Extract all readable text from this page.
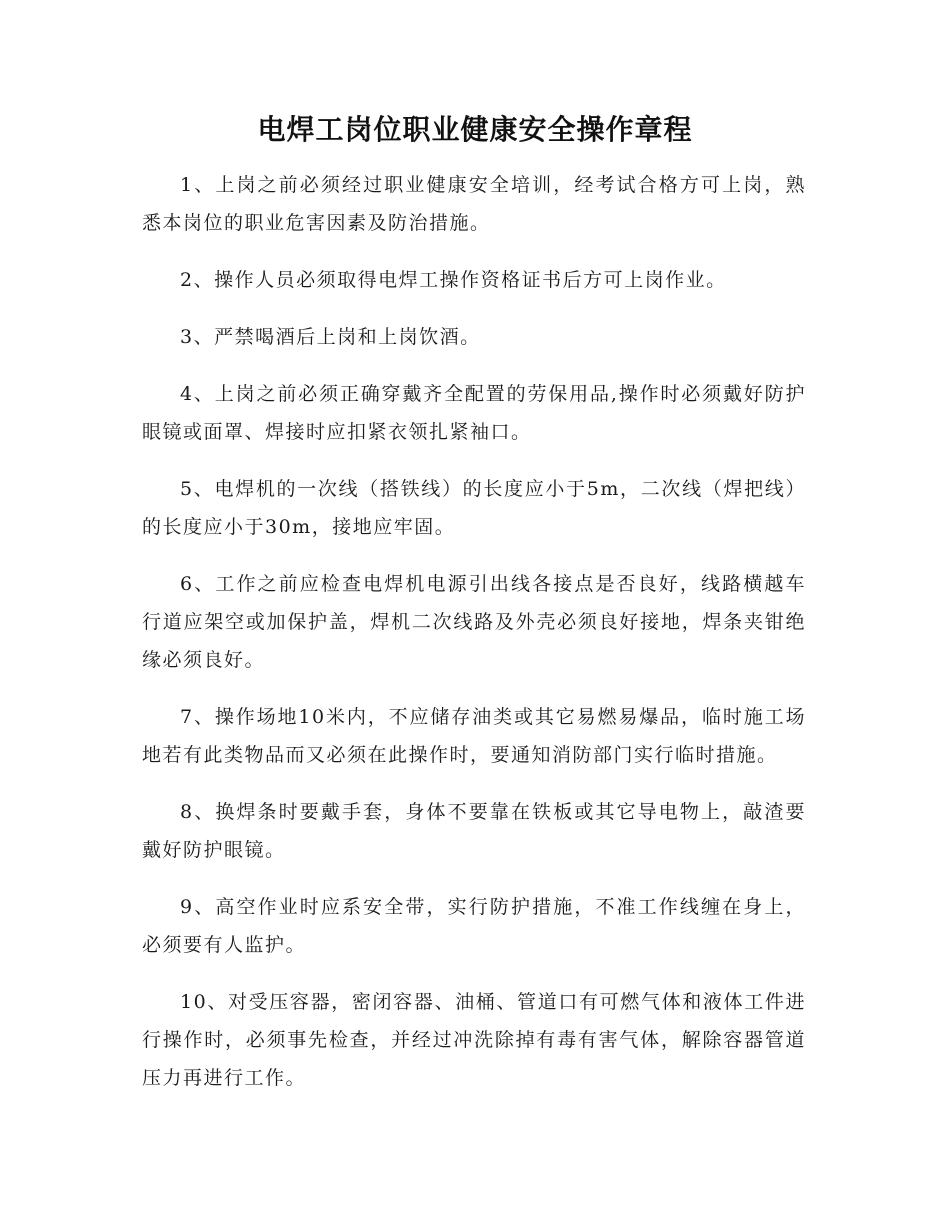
电焊工岗位职业健康安全操作章程

1、上岗之前必须经过职业健康安全培训，经考试合格方可上岗，熟悉本岗位的职业危害因素及防治措施。

2、操作人员必须取得电焊工操作资格证书后方可上岗作业。

3、严禁喝酒后上岗和上岗饮酒。

4、上岗之前必须正确穿戴齐全配置的劳保用品,操作时必须戴好防护眼镜或面罩、焊接时应扣紧衣领扎紧袖口。

5、电焊机的一次线（搭铁线）的长度应小于5m，二次线（焊把线）的长度应小于30m，接地应牢固。

6、工作之前应检查电焊机电源引出线各接点是否良好，线路横越车行道应架空或加保护盖，焊机二次线路及外壳必须良好接地，焊条夹钳绝缘必须良好。

7、操作场地10米内，不应储存油类或其它易燃易爆品，临时施工场地若有此类物品而又必须在此操作时，要通知消防部门实行临时措施。

8、换焊条时要戴手套，身体不要靠在铁板或其它导电物上，敲渣要戴好防护眼镜。

9、高空作业时应系安全带，实行防护措施，不准工作线缠在身上，必须要有人监护。

10、对受压容器，密闭容器、油桶、管道口有可燃气体和液体工件进行操作时，必须事先检查，并经过冲洗除掉有毒有害气体，解除容器管道压力再进行工作。
